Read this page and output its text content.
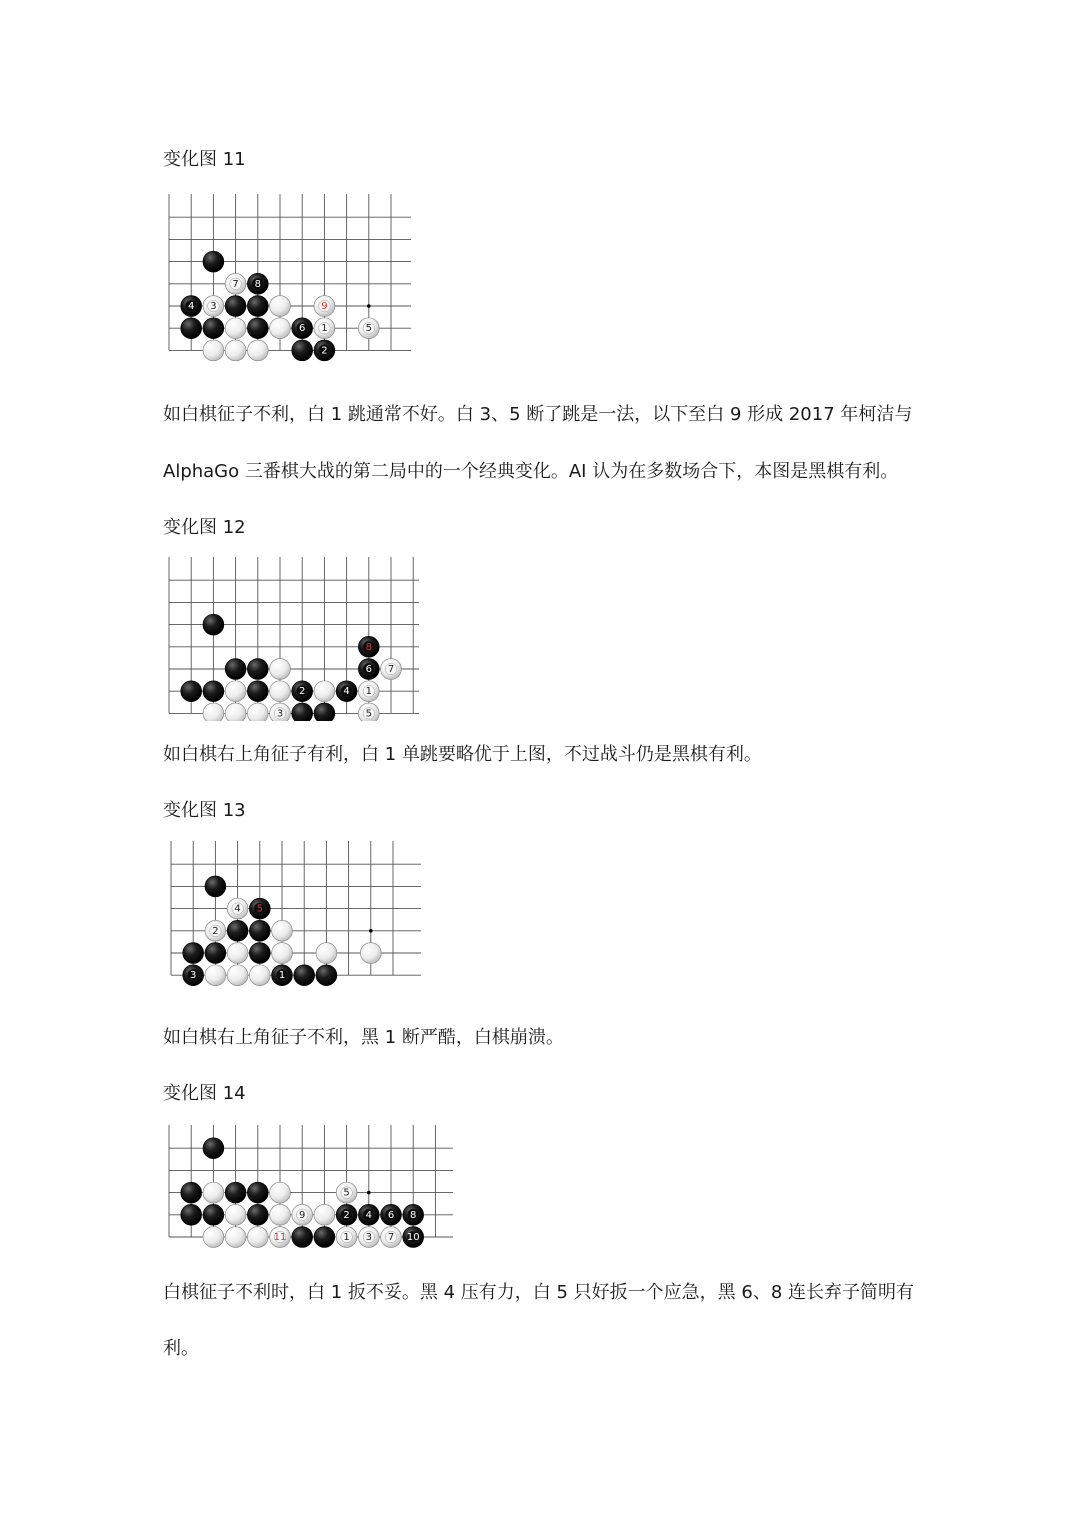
变化图 11
7 8
4 3	9
6 1	5
2
如白棋征子不利，白 1 跳通常不好。白 3、5 断了跳是一法，以下至白 9 形成 2017 年柯洁与
AlphaGo 三番棋大战的第二局中的一个经典变化。AI 认为在多数场合下，本图是黑棋有利。
变化图 12
8
6 7
2	4 1
3	5
如白棋右上角征子有利，白 1 单跳要略优于上图，不过战斗仍是黑棋有利。
变化图 13
4 5
2
3	1
如白棋右上角征子不利，黑 1 断严酷，白棋崩溃。
变化图 14
5
9	2 4 6 8
11	1 3 7 10
白棋征子不利时，白 1 扳不妥。黑 4 压有力，白 5 只好扳一个应急，黑 6、8 连长弃子简明有
利。
